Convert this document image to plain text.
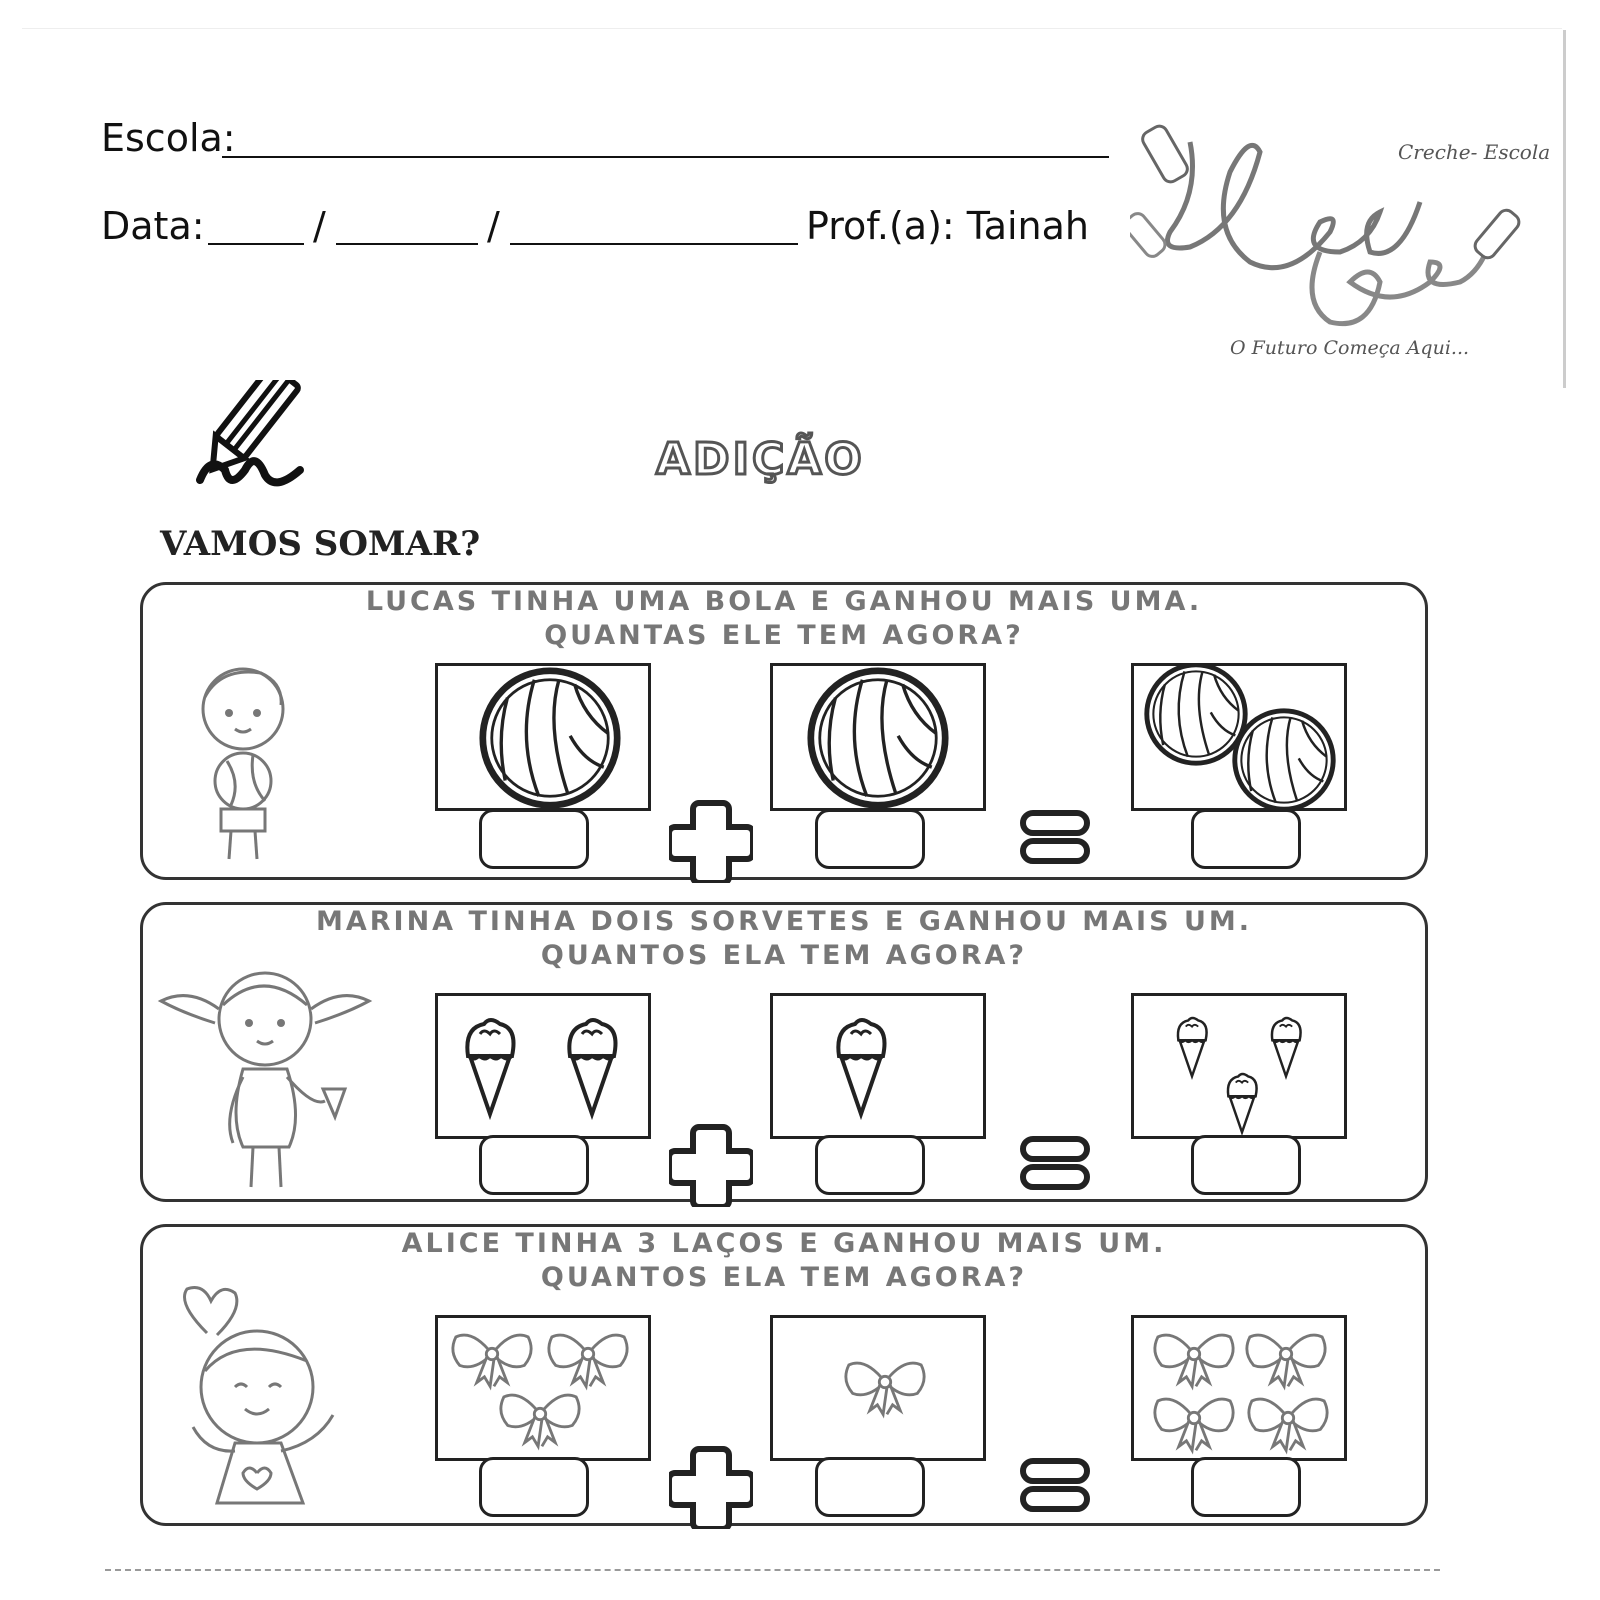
Escola:
Data:	/	/	Prof.(a): Tainah
Creche- Escola
O Futuro Começa Aqui...
ADIÇÃO
VAMOS SOMAR?
LUCAS TINHA UMA BOLA E GANHOU MAIS UMA.
QUANTAS ELE TEM AGORA?
MARINA TINHA DOIS SORVETES E GANHOU MAIS UM.
QUANTOS ELA TEM AGORA?
ALICE TINHA 3 LAÇOS E GANHOU MAIS UM.
QUANTOS ELA TEM AGORA?
